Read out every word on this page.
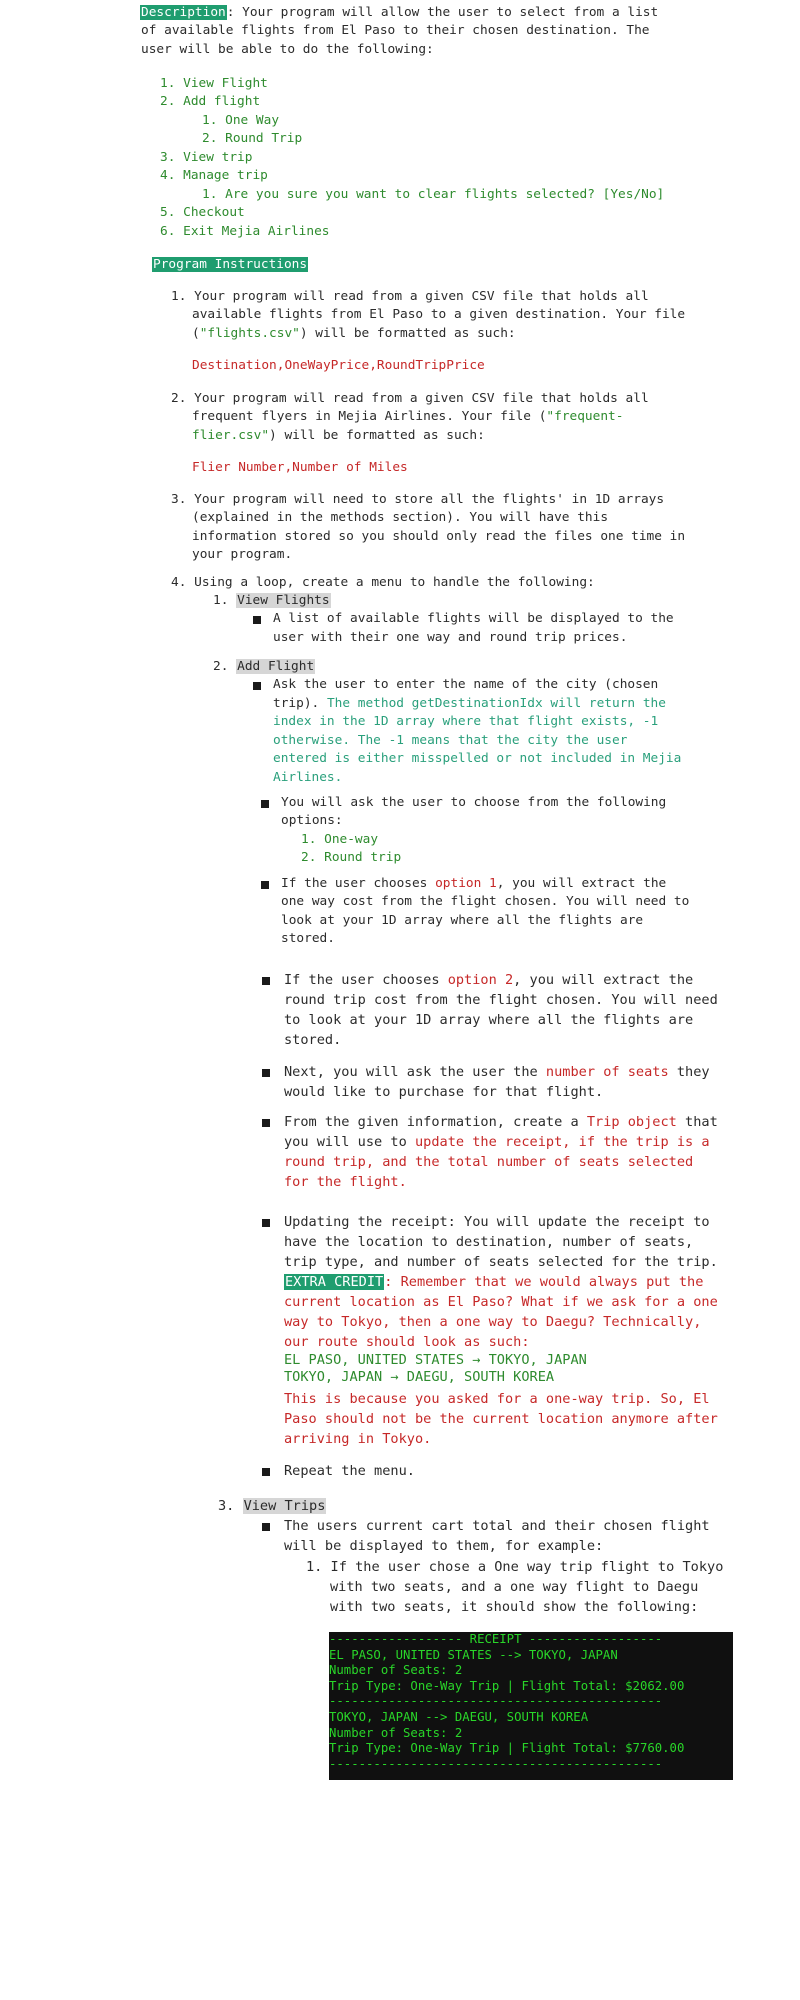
Description: Your program will allow the user to select from a list

of available flights from El Paso to their chosen destination. The

user will be able to do the following:

1. View Flight

2. Add flight

1. One Way

2. Round Trip

3. View trip

4. Manage trip

1. Are you sure you want to clear flights selected? [Yes/No]

5. Checkout

6. Exit Mejia Airlines

Program Instructions

1. Your program will read from a given CSV file that holds all

available flights from El Paso to a given destination. Your file

("flights.csv") will be formatted as such:

Destination,OneWayPrice,RoundTripPrice

2. Your program will read from a given CSV file that holds all

frequent flyers in Mejia Airlines. Your file ("frequent-

flier.csv") will be formatted as such:

Flier Number,Number of Miles

3. Your program will need to store all the flights' in 1D arrays

(explained in the methods section). You will have this

information stored so you should only read the files one time in

your program.

4. Using a loop, create a menu to handle the following:

1. View Flights

A list of available flights will be displayed to the

user with their one way and round trip prices.

2. Add Flight

Ask the user to enter the name of the city (chosen

trip). The method getDestinationIdx will return the

index in the 1D array where that flight exists, -1

otherwise. The -1 means that the city the user

entered is either misspelled or not included in Mejia

Airlines.

You will ask the user to choose from the following

options:

1. One-way

2. Round trip

If the user chooses option 1, you will extract the

one way cost from the flight chosen. You will need to

look at your 1D array where all the flights are

stored.

If the user chooses option 2, you will extract the

round trip cost from the flight chosen. You will need

to look at your 1D array where all the flights are

stored.

Next, you will ask the user the number of seats they

would like to purchase for that flight.

From the given information, create a Trip object that

you will use to update the receipt, if the trip is a

round trip, and the total number of seats selected

for the flight.

Updating the receipt: You will update the receipt to

have the location to destination, number of seats,

trip type, and number of seats selected for the trip.

EXTRA CREDIT: Remember that we would always put the

current location as El Paso? What if we ask for a one

way to Tokyo, then a one way to Daegu? Technically,

our route should look as such:

EL PASO, UNITED STATES → TOKYO, JAPAN

TOKYO, JAPAN → DAEGU, SOUTH KOREA

This is because you asked for a one-way trip. So, El

Paso should not be the current location anymore after

arriving in Tokyo.

Repeat the menu.

3. View Trips

The users current cart total and their chosen flight

will be displayed to them, for example:

1. If the user chose a One way trip flight to Tokyo

with two seats, and a one way flight to Daegu

with two seats, it should show the following:

------------------ RECEIPT ------------------
EL PASO, UNITED STATES --> TOKYO, JAPAN
Number of Seats: 2
Trip Type: One-Way Trip | Flight Total: $2062.00
---------------------------------------------
TOKYO, JAPAN --> DAEGU, SOUTH KOREA
Number of Seats: 2
Trip Type: One-Way Trip | Flight Total: $7760.00
---------------------------------------------
